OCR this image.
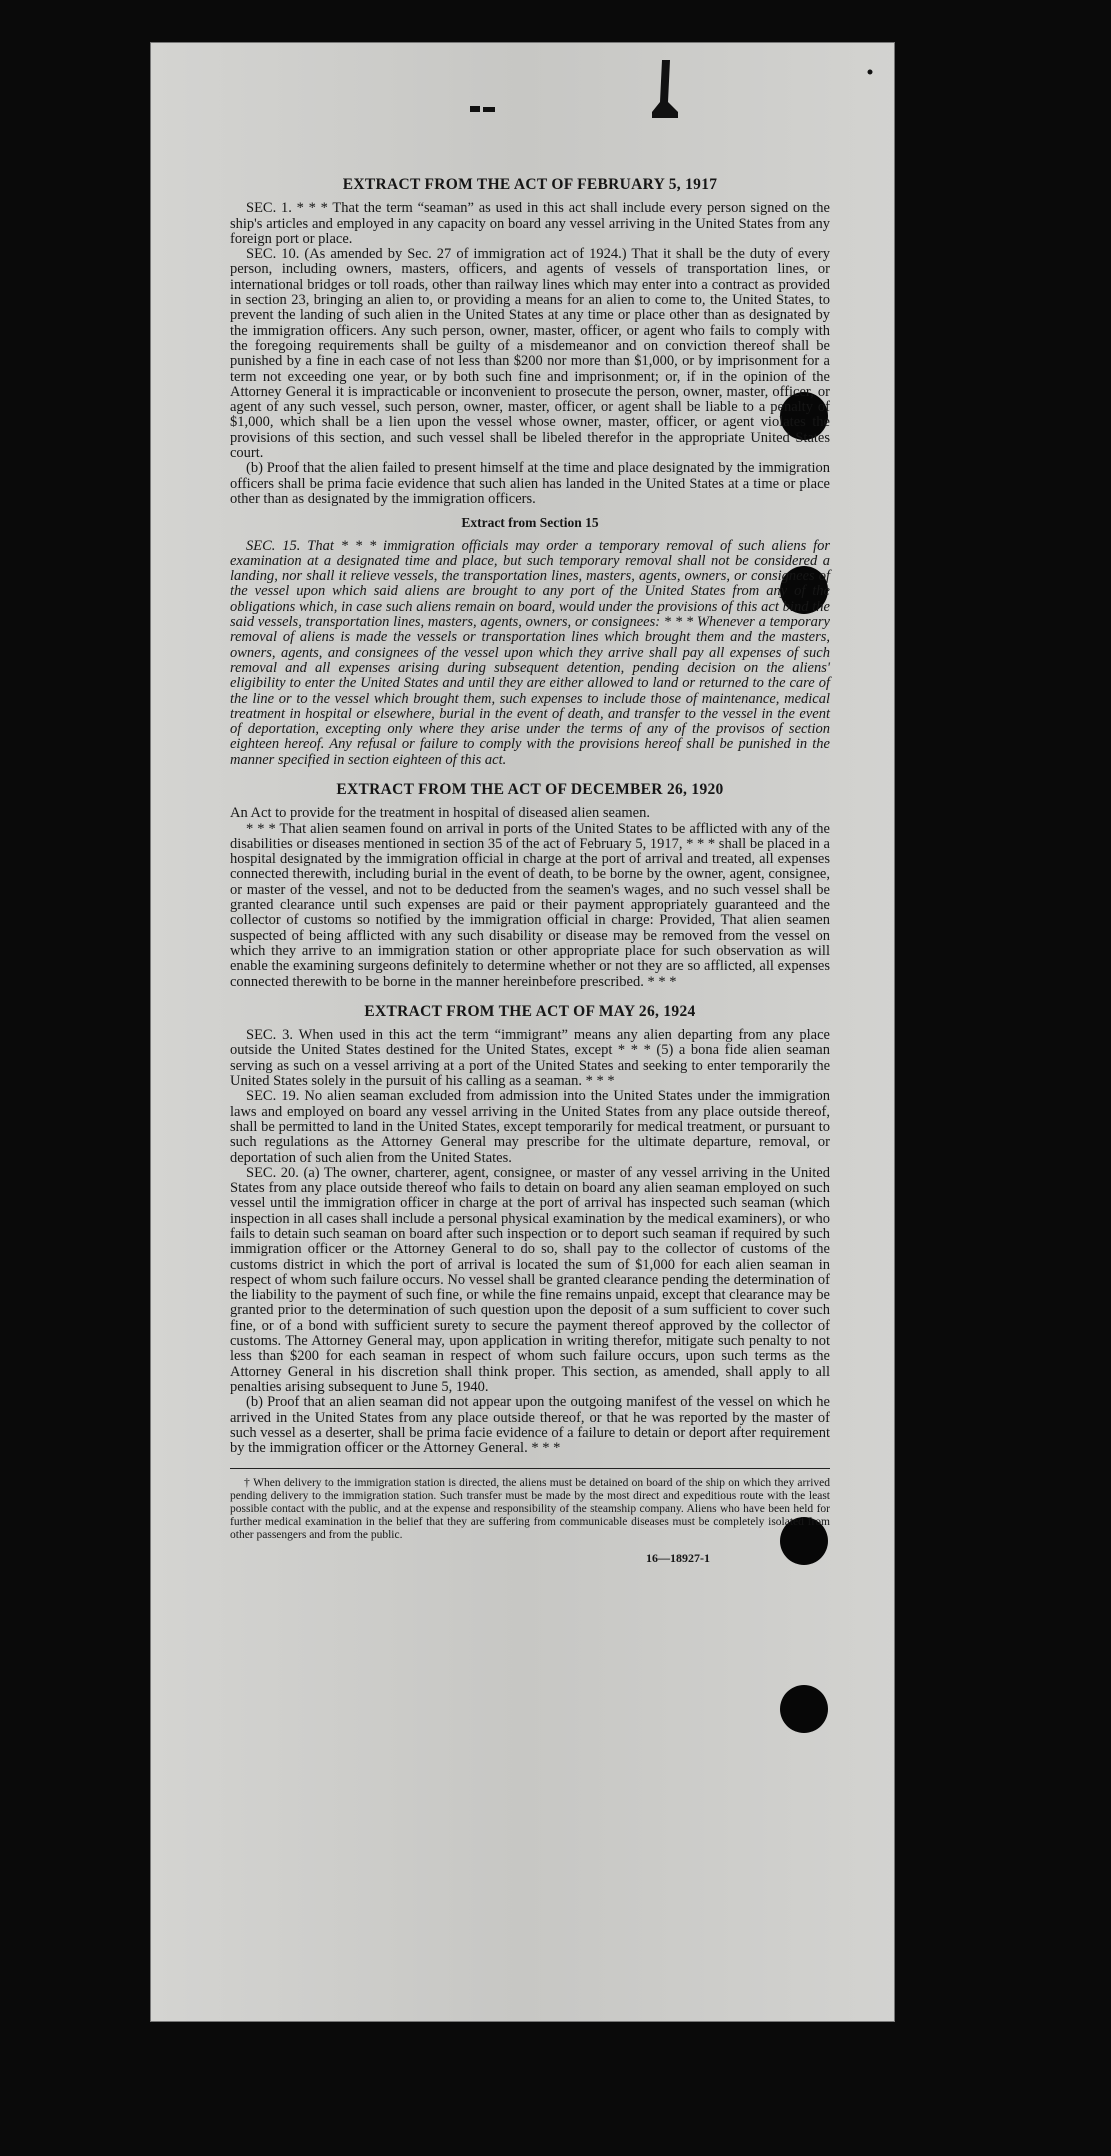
EXTRACT FROM THE ACT OF FEBRUARY 5, 1917

SEC. 1. * * * That the term “seaman” as used in this act shall include every person signed on the ship's articles and employed in any capacity on board any vessel arriving in the United States from any foreign port or place.

SEC. 10. (As amended by Sec. 27 of immigration act of 1924.) That it shall be the duty of every person, including owners, masters, officers, and agents of vessels of transportation lines, or international bridges or toll roads, other than railway lines which may enter into a contract as provided in section 23, bringing an alien to, or providing a means for an alien to come to, the United States, to prevent the landing of such alien in the United States at any time or place other than as designated by the immigration officers. Any such person, owner, master, officer, or agent who fails to comply with the foregoing requirements shall be guilty of a misdemeanor and on conviction thereof shall be punished by a fine in each case of not less than $200 nor more than $1,000, or by imprisonment for a term not exceeding one year, or by both such fine and imprisonment; or, if in the opinion of the Attorney General it is impracticable or inconvenient to prosecute the person, owner, master, officer, or agent of any such vessel, such person, owner, master, officer, or agent shall be liable to a penalty of $1,000, which shall be a lien upon the vessel whose owner, master, officer, or agent violates the provisions of this section, and such vessel shall be libeled therefor in the appropriate United States court.

(b) Proof that the alien failed to present himself at the time and place designated by the immigration officers shall be prima facie evidence that such alien has landed in the United States at a time or place other than as designated by the immigration officers.

Extract from Section 15

SEC. 15. That * * * immigration officials may order a temporary removal of such aliens for examination at a designated time and place, but such temporary removal shall not be considered a landing, nor shall it relieve vessels, the transportation lines, masters, agents, owners, or consignees of the vessel upon which said aliens are brought to any port of the United States from any of the obligations which, in case such aliens remain on board, would under the provisions of this act bind the said vessels, transportation lines, masters, agents, owners, or consignees: * * * Whenever a temporary removal of aliens is made the vessels or transportation lines which brought them and the masters, owners, agents, and consignees of the vessel upon which they arrive shall pay all expenses of such removal and all expenses arising during subsequent detention, pending decision on the aliens' eligibility to enter the United States and until they are either allowed to land or returned to the care of the line or to the vessel which brought them, such expenses to include those of maintenance, medical treatment in hospital or elsewhere, burial in the event of death, and transfer to the vessel in the event of deportation, excepting only where they arise under the terms of any of the provisos of section eighteen hereof. Any refusal or failure to comply with the provisions hereof shall be punished in the manner specified in section eighteen of this act.

EXTRACT FROM THE ACT OF DECEMBER 26, 1920

An Act to provide for the treatment in hospital of diseased alien seamen.

* * * That alien seamen found on arrival in ports of the United States to be afflicted with any of the disabilities or diseases mentioned in section 35 of the act of February 5, 1917, * * * shall be placed in a hospital designated by the immigration official in charge at the port of arrival and treated, all expenses connected therewith, including burial in the event of death, to be borne by the owner, agent, consignee, or master of the vessel, and not to be deducted from the seamen's wages, and no such vessel shall be granted clearance until such expenses are paid or their payment appropriately guaranteed and the collector of customs so notified by the immigration official in charge: Provided, That alien seamen suspected of being afflicted with any such disability or disease may be removed from the vessel on which they arrive to an immigration station or other appropriate place for such observation as will enable the examining surgeons definitely to determine whether or not they are so afflicted, all expenses connected therewith to be borne in the manner hereinbefore prescribed. * * *

EXTRACT FROM THE ACT OF MAY 26, 1924

SEC. 3. When used in this act the term “immigrant” means any alien departing from any place outside the United States destined for the United States, except * * * (5) a bona fide alien seaman serving as such on a vessel arriving at a port of the United States and seeking to enter temporarily the United States solely in the pursuit of his calling as a seaman. * * *

SEC. 19. No alien seaman excluded from admission into the United States under the immigration laws and employed on board any vessel arriving in the United States from any place outside thereof, shall be permitted to land in the United States, except temporarily for medical treatment, or pursuant to such regulations as the Attorney General may prescribe for the ultimate departure, removal, or deportation of such alien from the United States.

SEC. 20. (a) The owner, charterer, agent, consignee, or master of any vessel arriving in the United States from any place outside thereof who fails to detain on board any alien seaman employed on such vessel until the immigration officer in charge at the port of arrival has inspected such seaman (which inspection in all cases shall include a personal physical examination by the medical examiners), or who fails to detain such seaman on board after such inspection or to deport such seaman if required by such immigration officer or the Attorney General to do so, shall pay to the collector of customs of the customs district in which the port of arrival is located the sum of $1,000 for each alien seaman in respect of whom such failure occurs. No vessel shall be granted clearance pending the determination of the liability to the payment of such fine, or while the fine remains unpaid, except that clearance may be granted prior to the determination of such question upon the deposit of a sum sufficient to cover such fine, or of a bond with sufficient surety to secure the payment thereof approved by the collector of customs. The Attorney General may, upon application in writing therefor, mitigate such penalty to not less than $200 for each seaman in respect of whom such failure occurs, upon such terms as the Attorney General in his discretion shall think proper. This section, as amended, shall apply to all penalties arising subsequent to June 5, 1940.

(b) Proof that an alien seaman did not appear upon the outgoing manifest of the vessel on which he arrived in the United States from any place outside thereof, or that he was reported by the master of such vessel as a deserter, shall be prima facie evidence of a failure to detain or deport after requirement by the immigration officer or the Attorney General. * * *

† When delivery to the immigration station is directed, the aliens must be detained on board of the ship on which they arrived pending delivery to the immigration station. Such transfer must be made by the most direct and expeditious route with the least possible contact with the public, and at the expense and responsibility of the steamship company. Aliens who have been held for further medical examination in the belief that they are suffering from communicable diseases must be completely isolated from other passengers and from the public.

16—18927-1
